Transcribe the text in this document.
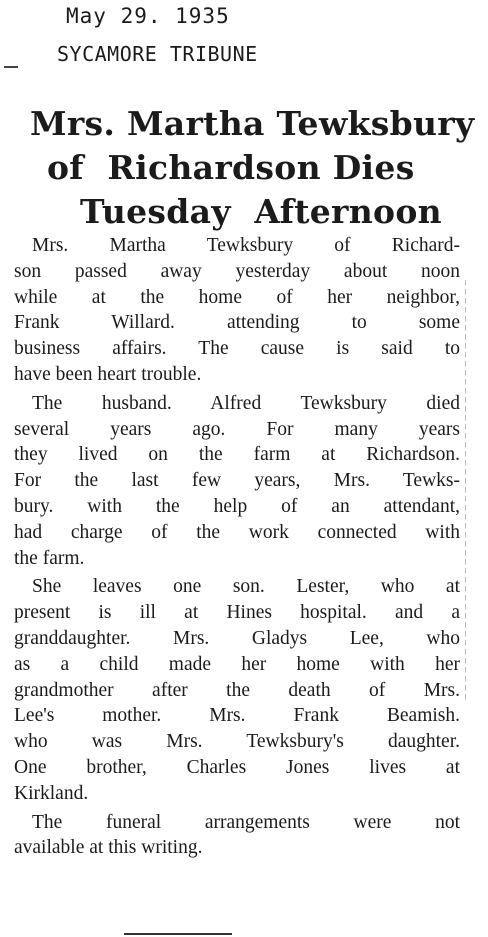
May 29. 1935
SYCAMORE TRIBUNE
Mrs. Martha Tewksbury
of  Richardson Dies
Tuesday  Afternoon
Mrs. Martha Tewksbury of Richard-
son passed away yesterday about noon
while at the home of her neighbor,
Frank Willard. attending to some
business affairs. The cause is said to
have been heart trouble.
The husband. Alfred Tewksbury died
several years ago. For many years
they lived on the farm at Richardson.
For the last few years, Mrs. Tewks-
bury. with the help of an attendant,
had charge of the work connected with
the farm.
She leaves one son. Lester, who at
present is ill at Hines hospital. and a
granddaughter. Mrs. Gladys Lee, who
as a child made her home with her
grandmother after the death of Mrs.
Lee's mother. Mrs. Frank Beamish.
who was Mrs. Tewksbury's daughter.
One brother, Charles Jones lives at
Kirkland.
The funeral arrangements were not
available at this writing.
